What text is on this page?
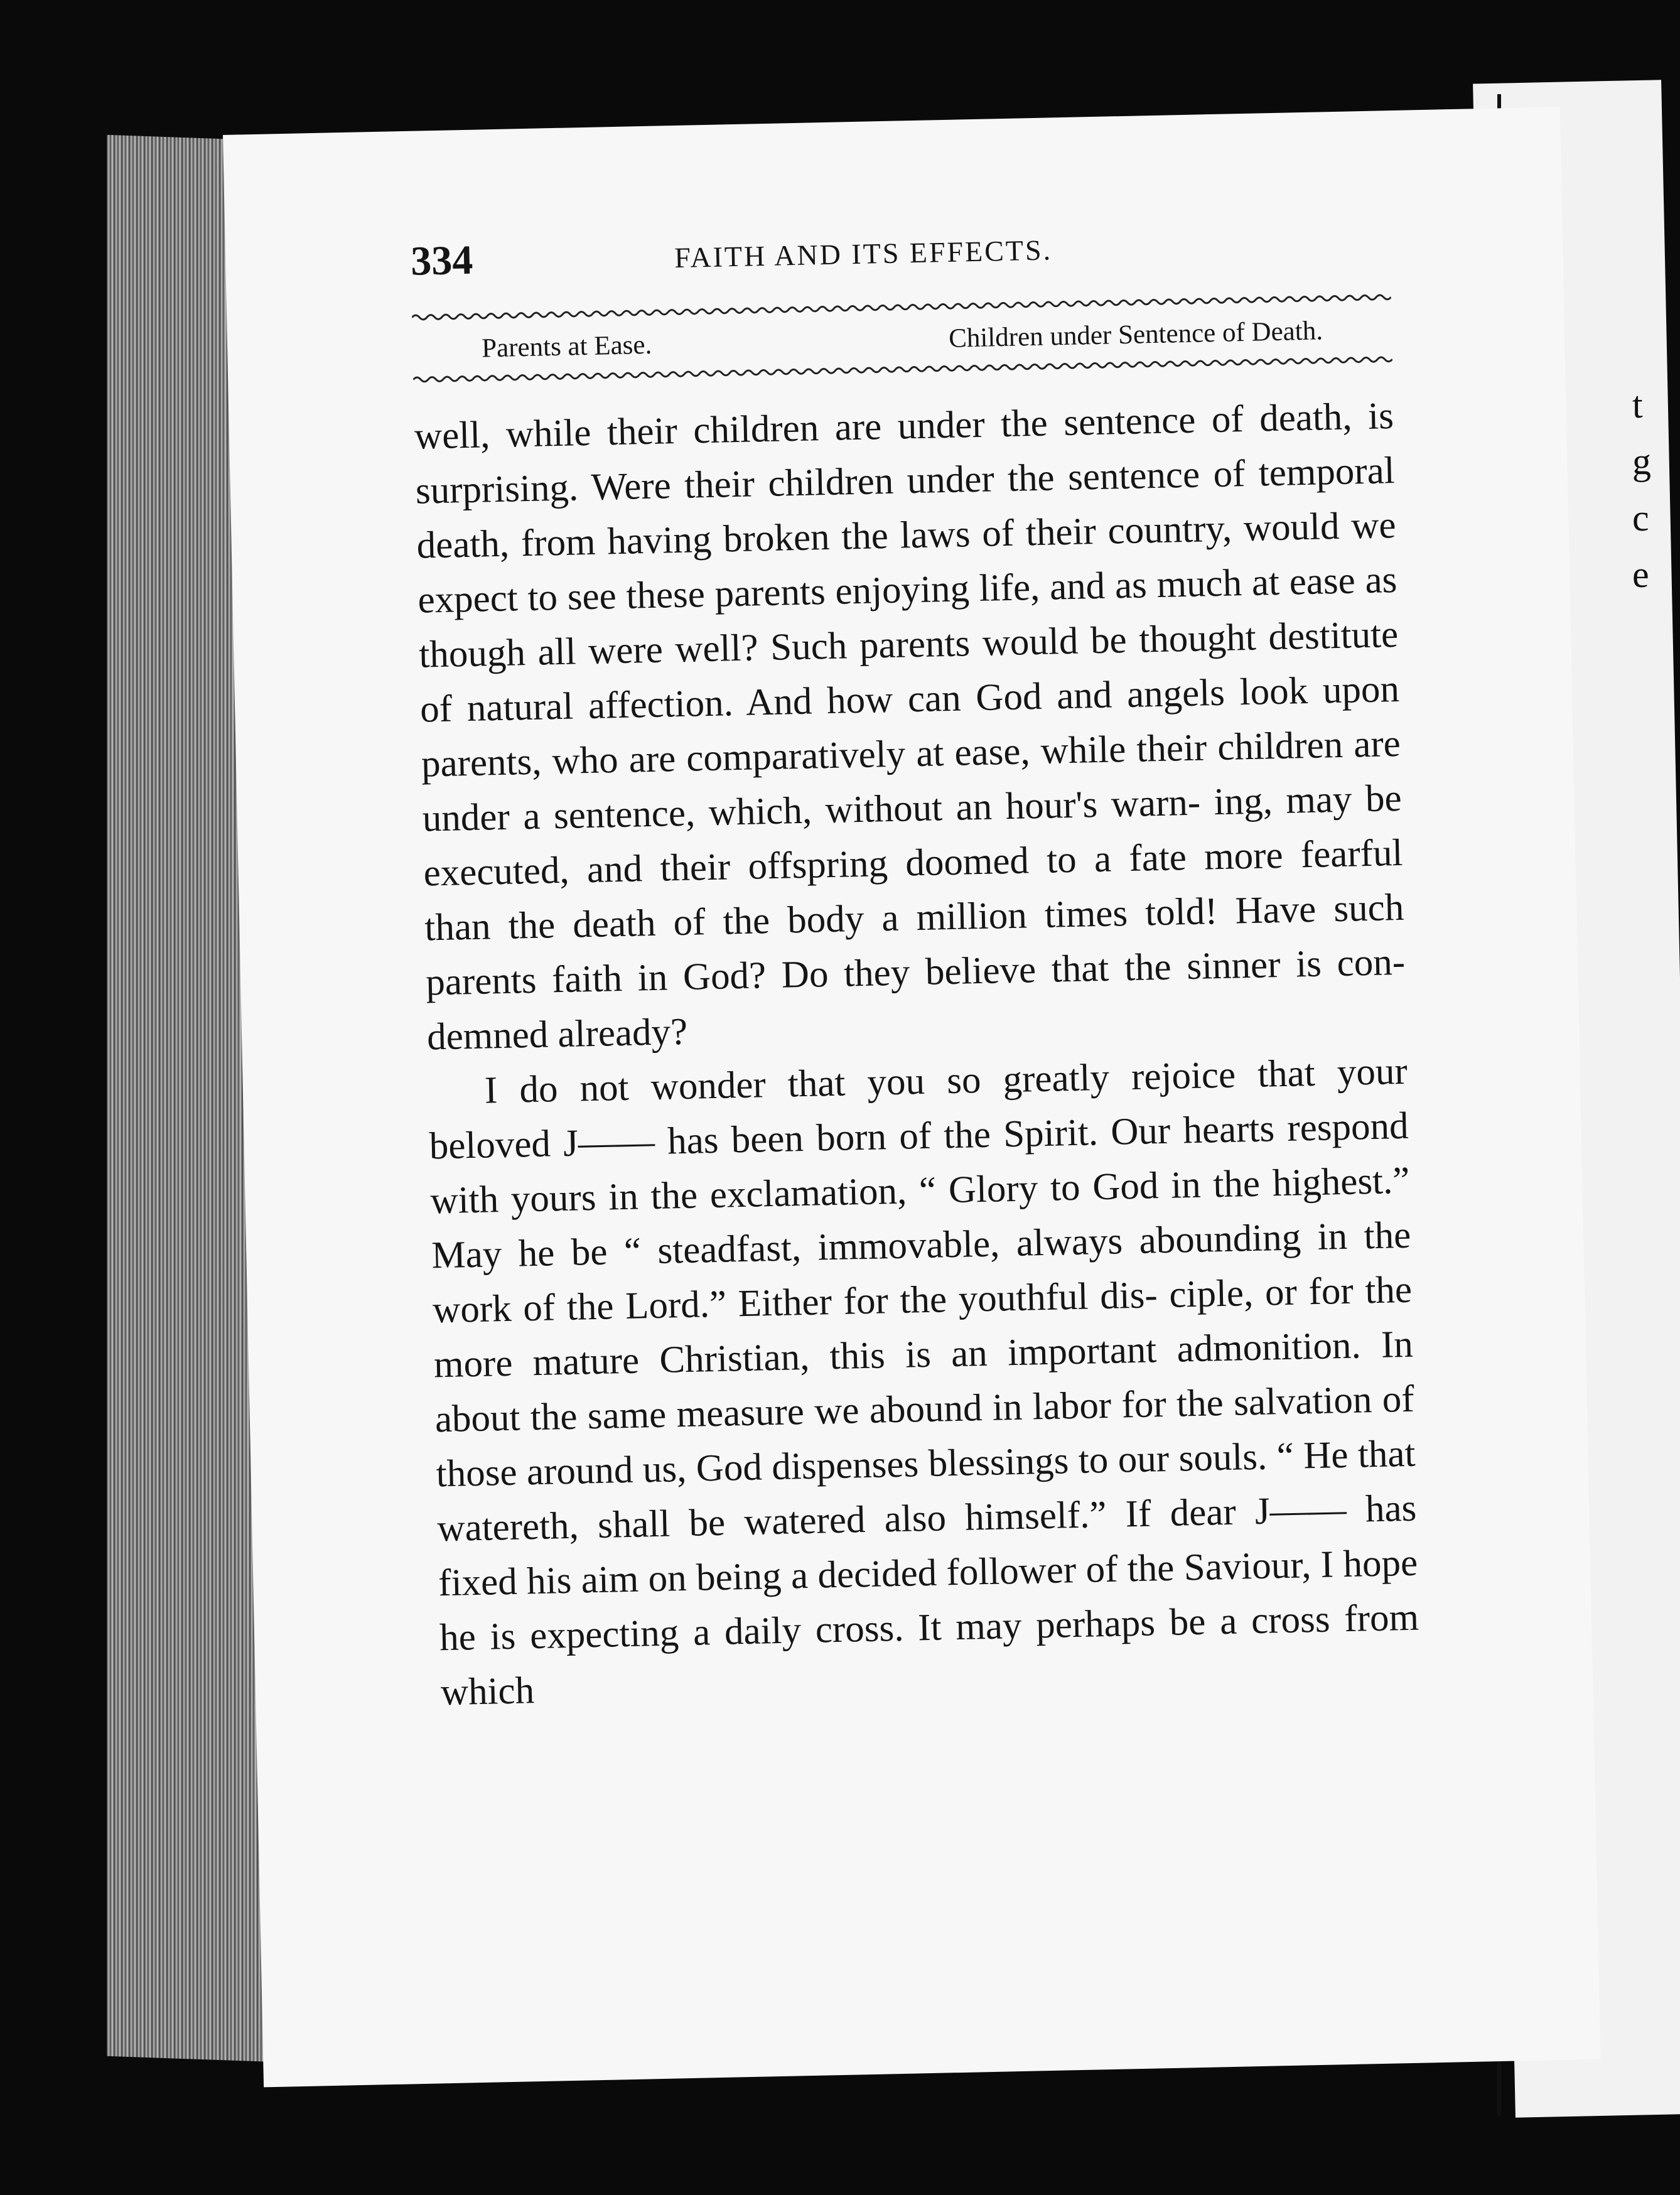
t
g
c
e
334	FAITH AND ITS EFFECTS.
Parents at Ease.	Children under Sentence of Death.

well, while their children are under the sentence of death, is surprising. Were their children under the sentence of temporal death, from having broken the laws of their country, would we expect to see these parents enjoying life, and as much at ease as though all were well? Such parents would be thought destitute of natural affection. And how can God and angels look upon parents, who are comparatively at ease, while their children are under a sentence, which, without an hour's warn- ing, may be executed, and their offspring doomed to a fate more fearful than the death of the body a million times told! Have such parents faith in God? Do they believe that the sinner is con- demned already?

I do not wonder that you so greatly rejoice that your beloved J—— has been born of the Spirit. Our hearts respond with yours in the exclamation, “ Glory to God in the highest.” May he be “ steadfast, immovable, always abounding in the work of the Lord.” Either for the youthful dis- ciple, or for the more mature Christian, this is an important admonition. In about the same measure we abound in labor for the salvation of those around us, God dispenses blessings to our souls. “ He that watereth, shall be watered also himself.” If dear J—— has fixed his aim on being a decided follower of the Saviour, I hope he is expecting a daily cross. It may perhaps be a cross from which
